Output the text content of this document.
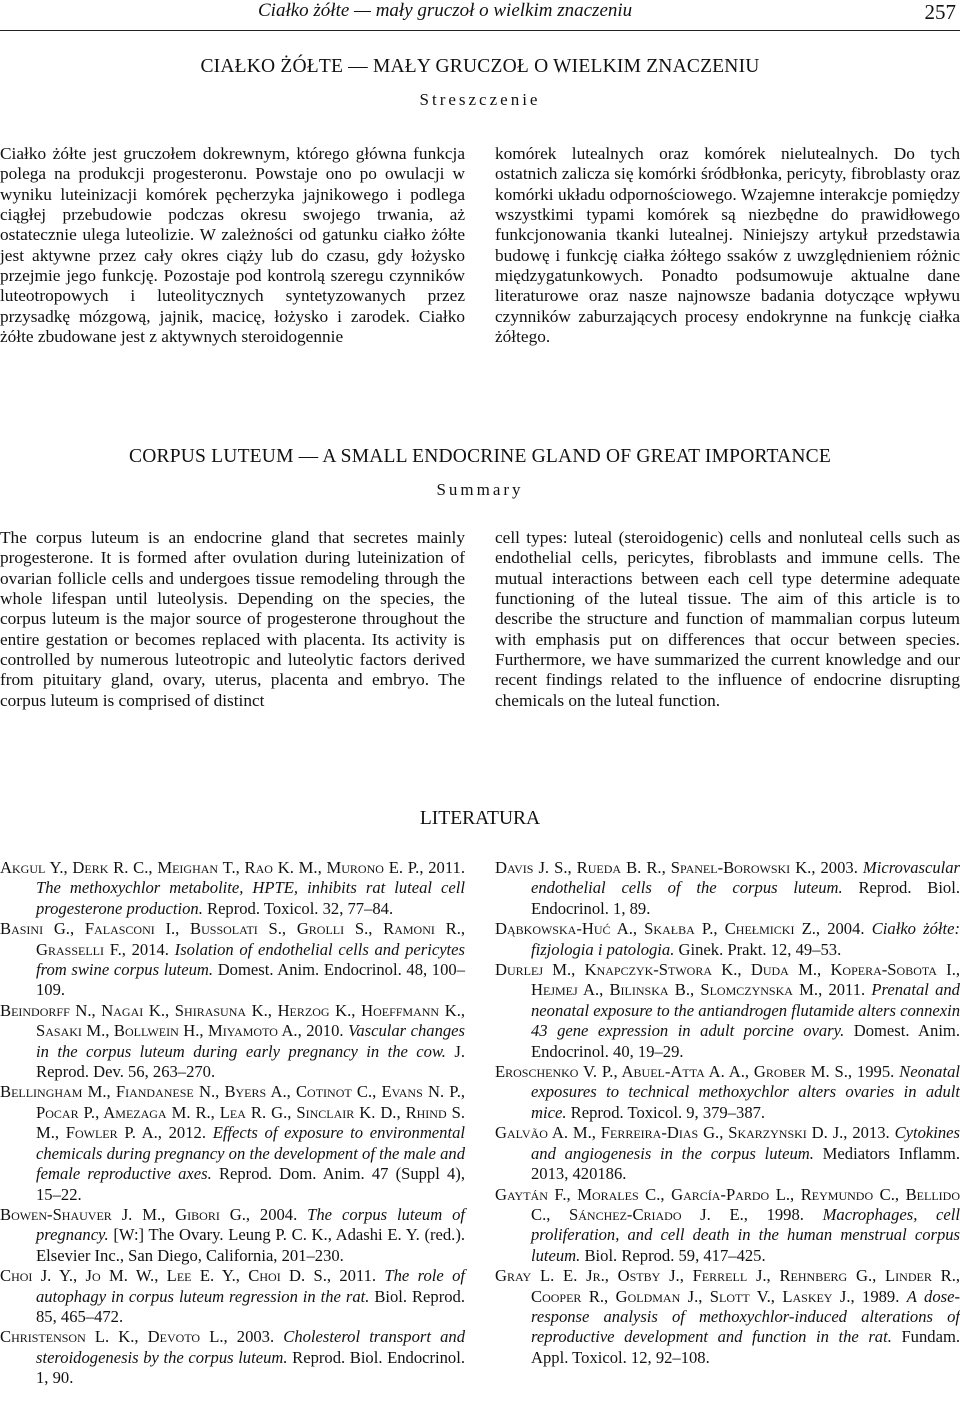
Ciałko żółte — mały gruczoł o wielkim znaczeniu	257
CIAŁKO ŻÓŁTE — MAŁY GRUCZOŁ O WIELKIM ZNACZENIU
Streszczenie

Ciałko żółte jest gruczołem dokrewnym, którego główna funkcja polega na produkcji progesteronu. Powstaje ono po owulacji w wyniku luteinizacji komórek pęcherzyka jajnikowego i podlega ciągłej przebudowie podczas okresu swojego trwania, aż ostatecznie ulega luteolizie. W zależności od gatunku ciałko żółte jest aktywne przez cały okres ciąży lub do czasu, gdy łożysko przejmie jego funkcję. Pozostaje pod kontrolą szeregu czynników luteotropowych i luteolitycznych syntetyzowanych przez przysadkę mózgową, jajnik, macicę, łożysko i zarodek. Ciałko żółte zbudowane jest z aktywnych steroidogennie

komórek lutealnych oraz komórek nielutealnych. Do tych ostatnich zalicza się komórki śródbłonka, pericyty, fibroblasty oraz komórki układu odpornościowego. Wzajemne interakcje pomiędzy wszystkimi typami komórek są niezbędne do prawidłowego funkcjonowania tkanki lutealnej. Niniejszy artykuł przedstawia budowę i funkcję ciałka żółtego ssaków z uwzględnieniem różnic międzygatunkowych. Ponadto podsumowuje aktualne dane literaturowe oraz nasze najnowsze badania dotyczące wpływu czynników zaburzających procesy endokrynne na funkcję ciałka żółtego.

CORPUS LUTEUM — A SMALL ENDOCRINE GLAND OF GREAT IMPORTANCE
Summary

The corpus luteum is an endocrine gland that secretes mainly progesterone. It is formed after ovulation during luteinization of ovarian follicle cells and undergoes tissue remodeling through the whole lifespan until luteolysis. Depending on the species, the corpus luteum is the major source of progesterone throughout the entire gestation or becomes replaced with placenta. Its activity is controlled by numerous luteotropic and luteolytic factors derived from pituitary gland, ovary, uterus, placenta and embryo. The corpus luteum is comprised of distinct

cell types: luteal (steroidogenic) cells and nonluteal cells such as endothelial cells, pericytes, fibroblasts and immune cells. The mutual interactions between each cell type determine adequate functioning of the luteal tissue. The aim of this article is to describe the structure and function of mammalian corpus luteum with emphasis put on differences that occur between species. Furthermore, we have summarized the current knowledge and our recent findings related to the influence of endocrine disrupting chemicals on the luteal function.

LITERATURA

Akgul Y., Derk R. C., Meighan T., Rao K. M., Murono E. P., 2011. The methoxychlor metabolite, HPTE, inhibits rat luteal cell progesterone production. Reprod. Toxicol. 32, 77–84.

Basini G., Falasconi I., Bussolati S., Grolli S., Ramoni R., Grasselli F., 2014. Isolation of endothelial cells and pericytes from swine corpus luteum. Domest. Anim. Endocrinol. 48, 100–109.

Beindorff N., Nagai K., Shirasuna K., Herzog K., Hoeffmann K., Sasaki M., Bollwein H., Miyamoto A., 2010. Vascular changes in the corpus luteum during early pregnancy in the cow. J. Reprod. Dev. 56, 263–270.

Bellingham M., Fiandanese N., Byers A., Cotinot C., Evans N. P., Pocar P., Amezaga M. R., Lea R. G., Sinclair K. D., Rhind S. M., Fowler P. A., 2012. Effects of exposure to environmental chemicals during pregnancy on the development of the male and female reproductive axes. Reprod. Dom. Anim. 47 (Suppl 4), 15–22.

Bowen-Shauver J. M., Gibori G., 2004. The corpus luteum of pregnancy. [W:] The Ovary. Leung P. C. K., Adashi E. Y. (red.). Elsevier Inc., San Diego, California, 201–230.

Choi J. Y., Jo M. W., Lee E. Y., Choi D. S., 2011. The role of autophagy in corpus luteum regression in the rat. Biol. Reprod. 85, 465–472.

Christenson L. K., Devoto L., 2003. Cholesterol transport and steroidogenesis by the corpus luteum. Reprod. Biol. Endocrinol. 1, 90.

Davis J. S., Rueda B. R., Spanel-Borowski K., 2003. Microvascular endothelial cells of the corpus luteum. Reprod. Biol. Endocrinol. 1, 89.

Dąbkowska-Huć A., Skałba P., Chełmicki Z., 2004. Ciałko żółte: fizjologia i patologia. Ginek. Prakt. 12, 49–53.

Durlej M., Knapczyk-Stwora K., Duda M., Koperα-Sobota I., Hejmej A., Bilinska B., Slomczynska M., 2011. Prenatal and neonatal exposure to the antiandrogen flutamide alters connexin 43 gene expression in adult porcine ovary. Domest. Anim. Endocrinol. 40, 19–29.

Eroschenko V. P., Abuel-Atta A. A., Grober M. S., 1995. Neonatal exposures to technical methoxychlor alters ovaries in adult mice. Reprod. Toxicol. 9, 379–387.

Galvão A. M., Ferreira-Dias G., Skarzynski D. J., 2013. Cytokines and angiogenesis in the corpus luteum. Mediators Inflamm. 2013, 420186.

Gaytán F., Morales C., García-Pardo L., Reymundo C., Bellido C., Sánchez-Criado J. E., 1998. Macrophages, cell proliferation, and cell death in the human menstrual corpus luteum. Biol. Reprod. 59, 417–425.

Gray L. E. Jr., Ostby J., Ferrell J., Rehnberg G., Linder R., Cooper R., Goldman J., Slott V., Laskey J., 1989. A dose-response analysis of methoxychlor-induced alterations of reproductive development and function in the rat. Fundam. Appl. Toxicol. 12, 92–108.
